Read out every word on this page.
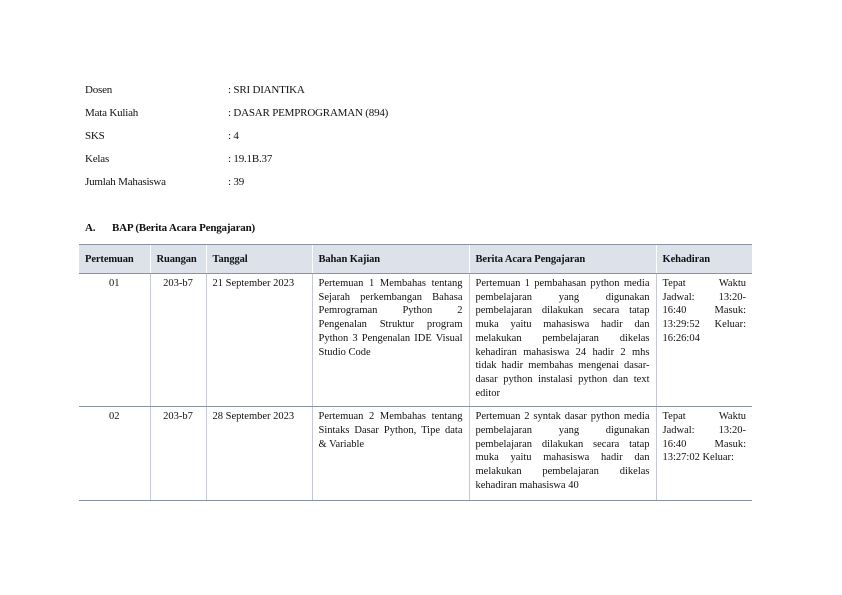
Dosen	: SRI DIANTIKA
Mata Kuliah	: DASAR PEMPROGRAMAN (894)
SKS	: 4
Kelas	: 19.1B.37
Jumlah Mahasiswa	: 39
A.	BAP (Berita Acara Pengajaran)
Pertemuan	Ruangan	Tanggal	Bahan Kajian	Berita Acara Pengajaran	Kehadiran
01	203-b7	21 September 2023	Pertemuan 1 Membahas tentang Sejarah perkembangan Bahasa Pemrograman Python 2 Pengenalan Struktur program Python 3 Pengenalan IDE Visual Studio Code	Pertemuan 1 pembahasan python media pembelajaran yang digunakan pembelajaran dilakukan secara tatap muka yaitu mahasiswa hadir dan melakukan pembelajaran dikelas kehadiran mahasiswa 24 hadir 2 mhs tidak hadir membahas mengenai dasar-dasar python instalasi python dan text editor	Tepat Waktu Jadwal: 13:20-16:40 Masuk: 13:29:52 Keluar: 16:26:04
02	203-b7	28 September 2023	Pertemuan 2 Membahas tentang Sintaks Dasar Python, Tipe data & Variable	Pertemuan 2 syntak dasar python media pembelajaran yang digunakan pembelajaran dilakukan secara tatap muka yaitu mahasiswa hadir dan melakukan pembelajaran dikelas kehadiran mahasiswa 40	Tepat Waktu Jadwal: 13:20-16:40 Masuk: 13:27:02 Keluar:
